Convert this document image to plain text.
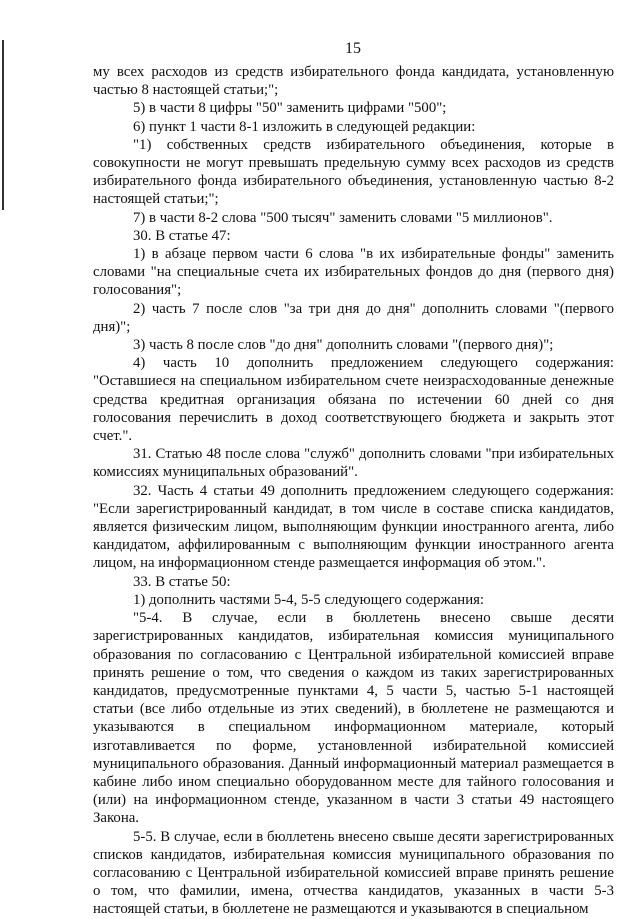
15

му всех расходов из средств избирательного фонда кандидата, установленную частью 8 настоящей статьи;";

5) в части 8 цифры "50" заменить цифрами "500";

6) пункт 1 части 8-1 изложить в следующей редакции:

"1) собственных средств избирательного объединения, которые в совокупности не могут превышать предельную сумму всех расходов из средств избирательного фонда избирательного объединения, установленную частью 8-2 настоящей статьи;";

7) в части 8-2 слова "500 тысяч" заменить словами "5 миллионов".

30. В статье 47:

1) в абзаце первом части 6 слова "в их избирательные фонды" заменить словами "на специальные счета их избирательных фондов до дня (первого дня) голосования";

2) часть 7 после слов "за три дня до дня" дополнить словами "(первого дня)";

3) часть 8 после слов "до дня" дополнить словами "(первого дня)";

4) часть 10 дополнить предложением следующего содержания: "Оставшиеся на специальном избирательном счете неизрасходованные денежные средства кредитная организация обязана по истечении 60 дней со дня голосования перечислить в доход соответствующего бюджета и закрыть этот счет.".

31. Статью 48 после слова "служб" дополнить словами "при избирательных комиссиях муниципальных образований".

32. Часть 4 статьи 49 дополнить предложением следующего содержания: "Если зарегистрированный кандидат, в том числе в составе списка кандидатов, является физическим лицом, выполняющим функции иностранного агента, либо кандидатом, аффилированным с выполняющим функции иностранного агента лицом, на информационном стенде размещается информация об этом.".

33. В статье 50:

1) дополнить частями 5-4, 5-5 следующего содержания:

"5-4. В случае, если в бюллетень внесено свыше десяти зарегистрированных кандидатов, избирательная комиссия муниципального образования по согласованию с Центральной избирательной комиссией вправе принять решение о том, что сведения о каждом из таких зарегистрированных кандидатов, предусмотренные пунктами 4, 5 части 5, частью 5-1 настоящей статьи (все либо отдельные из этих сведений), в бюллетене не размещаются и указываются в специальном информационном материале, который изготавливается по форме, установленной избирательной комиссией муниципального образования. Данный информационный материал размещается в кабине либо ином специально оборудованном месте для тайного голосования и (или) на информационном стенде, указанном в части 3 статьи 49 настоящего Закона.

5-5. В случае, если в бюллетень внесено свыше десяти зарегистрированных списков кандидатов, избирательная комиссия муниципального образования по согласованию с Центральной избирательной комиссией вправе принять решение о том, что фамилии, имена, отчества кандидатов, указанных в части 5-3 настоящей статьи, в бюллетене не размещаются и указываются в специальном
